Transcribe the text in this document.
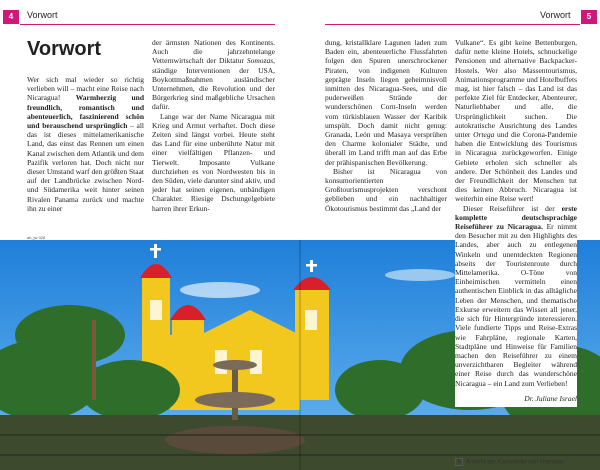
4	Vorwort
Vorwort

Wer sich mal wieder so richtig verlieben will – macht eine Reise nach Nicaragua! Warmherzig und freundlich, romantisch und abenteuerlich, faszinierend schön und berauschend ursprünglich – all das ist dieses mittelamerikanische Land, das einst das Rennen um einen Kanal zwischen dem Atlantik und dem Pazifik verloren hat. Doch nicht nur dieser Umstand warf den größten Staat auf der Landbrücke zwischen Nord- und Südamerika weit hinter seinen Rivalen Panama zurück und machte ihn zu einer

der ärmsten Nationen des Kontinents. Auch die jahrzehntelange Vetternwirtschaft der Diktatur Somozas, ständige Interventionen der USA, Boykottmaßnahmen ausländischer Unternehmen, die Revolution und der Bürgerkrieg sind maßgebliche Ursachen dafür.

Lange war der Name Nicaragua mit Krieg und Armut verhaftet. Doch diese Zeiten sind längst vorbei. Heute steht das Land für eine unberührte Natur mit einer vielfältigen Pflanzen- und Tierwelt. Imposante Vulkane durchziehen es von Nordwesten bis in den Süden, viele darunter sind aktiv, und jeder hat seinen eigenen, unbändigen Charakter. Riesige Dschungelgebiete harren ihrer Erkun-

ab_jw 028
Vorwort	5

dung, kristallklare Lagunen laden zum Baden ein, abenteuerliche Flussfahrten folgen den Spuren unerschrockener Piraten, von indigenen Kulturen geprägte Inseln liegen geheimnisvoll inmitten des Nicaragua-Sees, und die puderweißen Strände der wunderschönen Corn-Inseln werden vom türkisblauen Wasser der Karibik umspült. Doch damit nicht genug: Granada, León und Masaya versprühen den Charme kolonialer Städte, und überall im Land trifft man auf das Erbe der prähispanischen Bevölkerung.

Bisher ist Nicaragua von konsumorientierten Großtourismusprojekten verschont geblieben und ein nachhaltiger Ökotourismus bestimmt das „Land der

Vulkane“. Es gibt keine Bettenburgen, dafür nette kleine Hotels, schnuckelige Pensionen und alternative Backpacker-Hostels. Wer also Massentourismus, Animationsprogramme und Hotelbuffets mag, ist hier falsch – das Land ist das perfekte Ziel für Entdecker, Abenteurer, Naturliebhaber und alle, die Ursprünglichkeit suchen. Die autokratische Ausrichtung des Landes unter Ortega und die Corona-Pandemie haben die Entwicklung des Tourismus in Nicaragua zurückgeworfen. Einige Gebiete erholen sich schneller als andere. Der Schönheit des Landes und der Freundlichkeit der Menschen tut dies keinen Abbruch. Nicaragua ist weiterhin eine Reise wert!

Dieser Reiseführer ist der erste komplette deutschsprachige Reiseführer zu Nicaragua. Er nimmt den Besucher mit zu den Highlights des Landes, aber auch zu entlegenen Winkeln und unentdeckten Regionen abseits der Touristenroute durch Mittelamerika. O-Töne von Einheimischen vermitteln einen authentischen Einblick in das alltägliche Leben der Menschen, und thematische Exkurse erweitern das Wissen all jener, die sich für Hintergründe interessieren. Viele fundierte Tipps und Reise-Extras wie Fahrpläne, regionale Karten, Stadtpläne und Hinweise für Familien machen den Reiseführer zu einem unverzichtbaren Begleiter während einer Reise durch das wunderschöne Nicaragua – ein Land zum Verlieben!

Dr. Juliane Israel

S Ansicht der Kathedrale von Granada
